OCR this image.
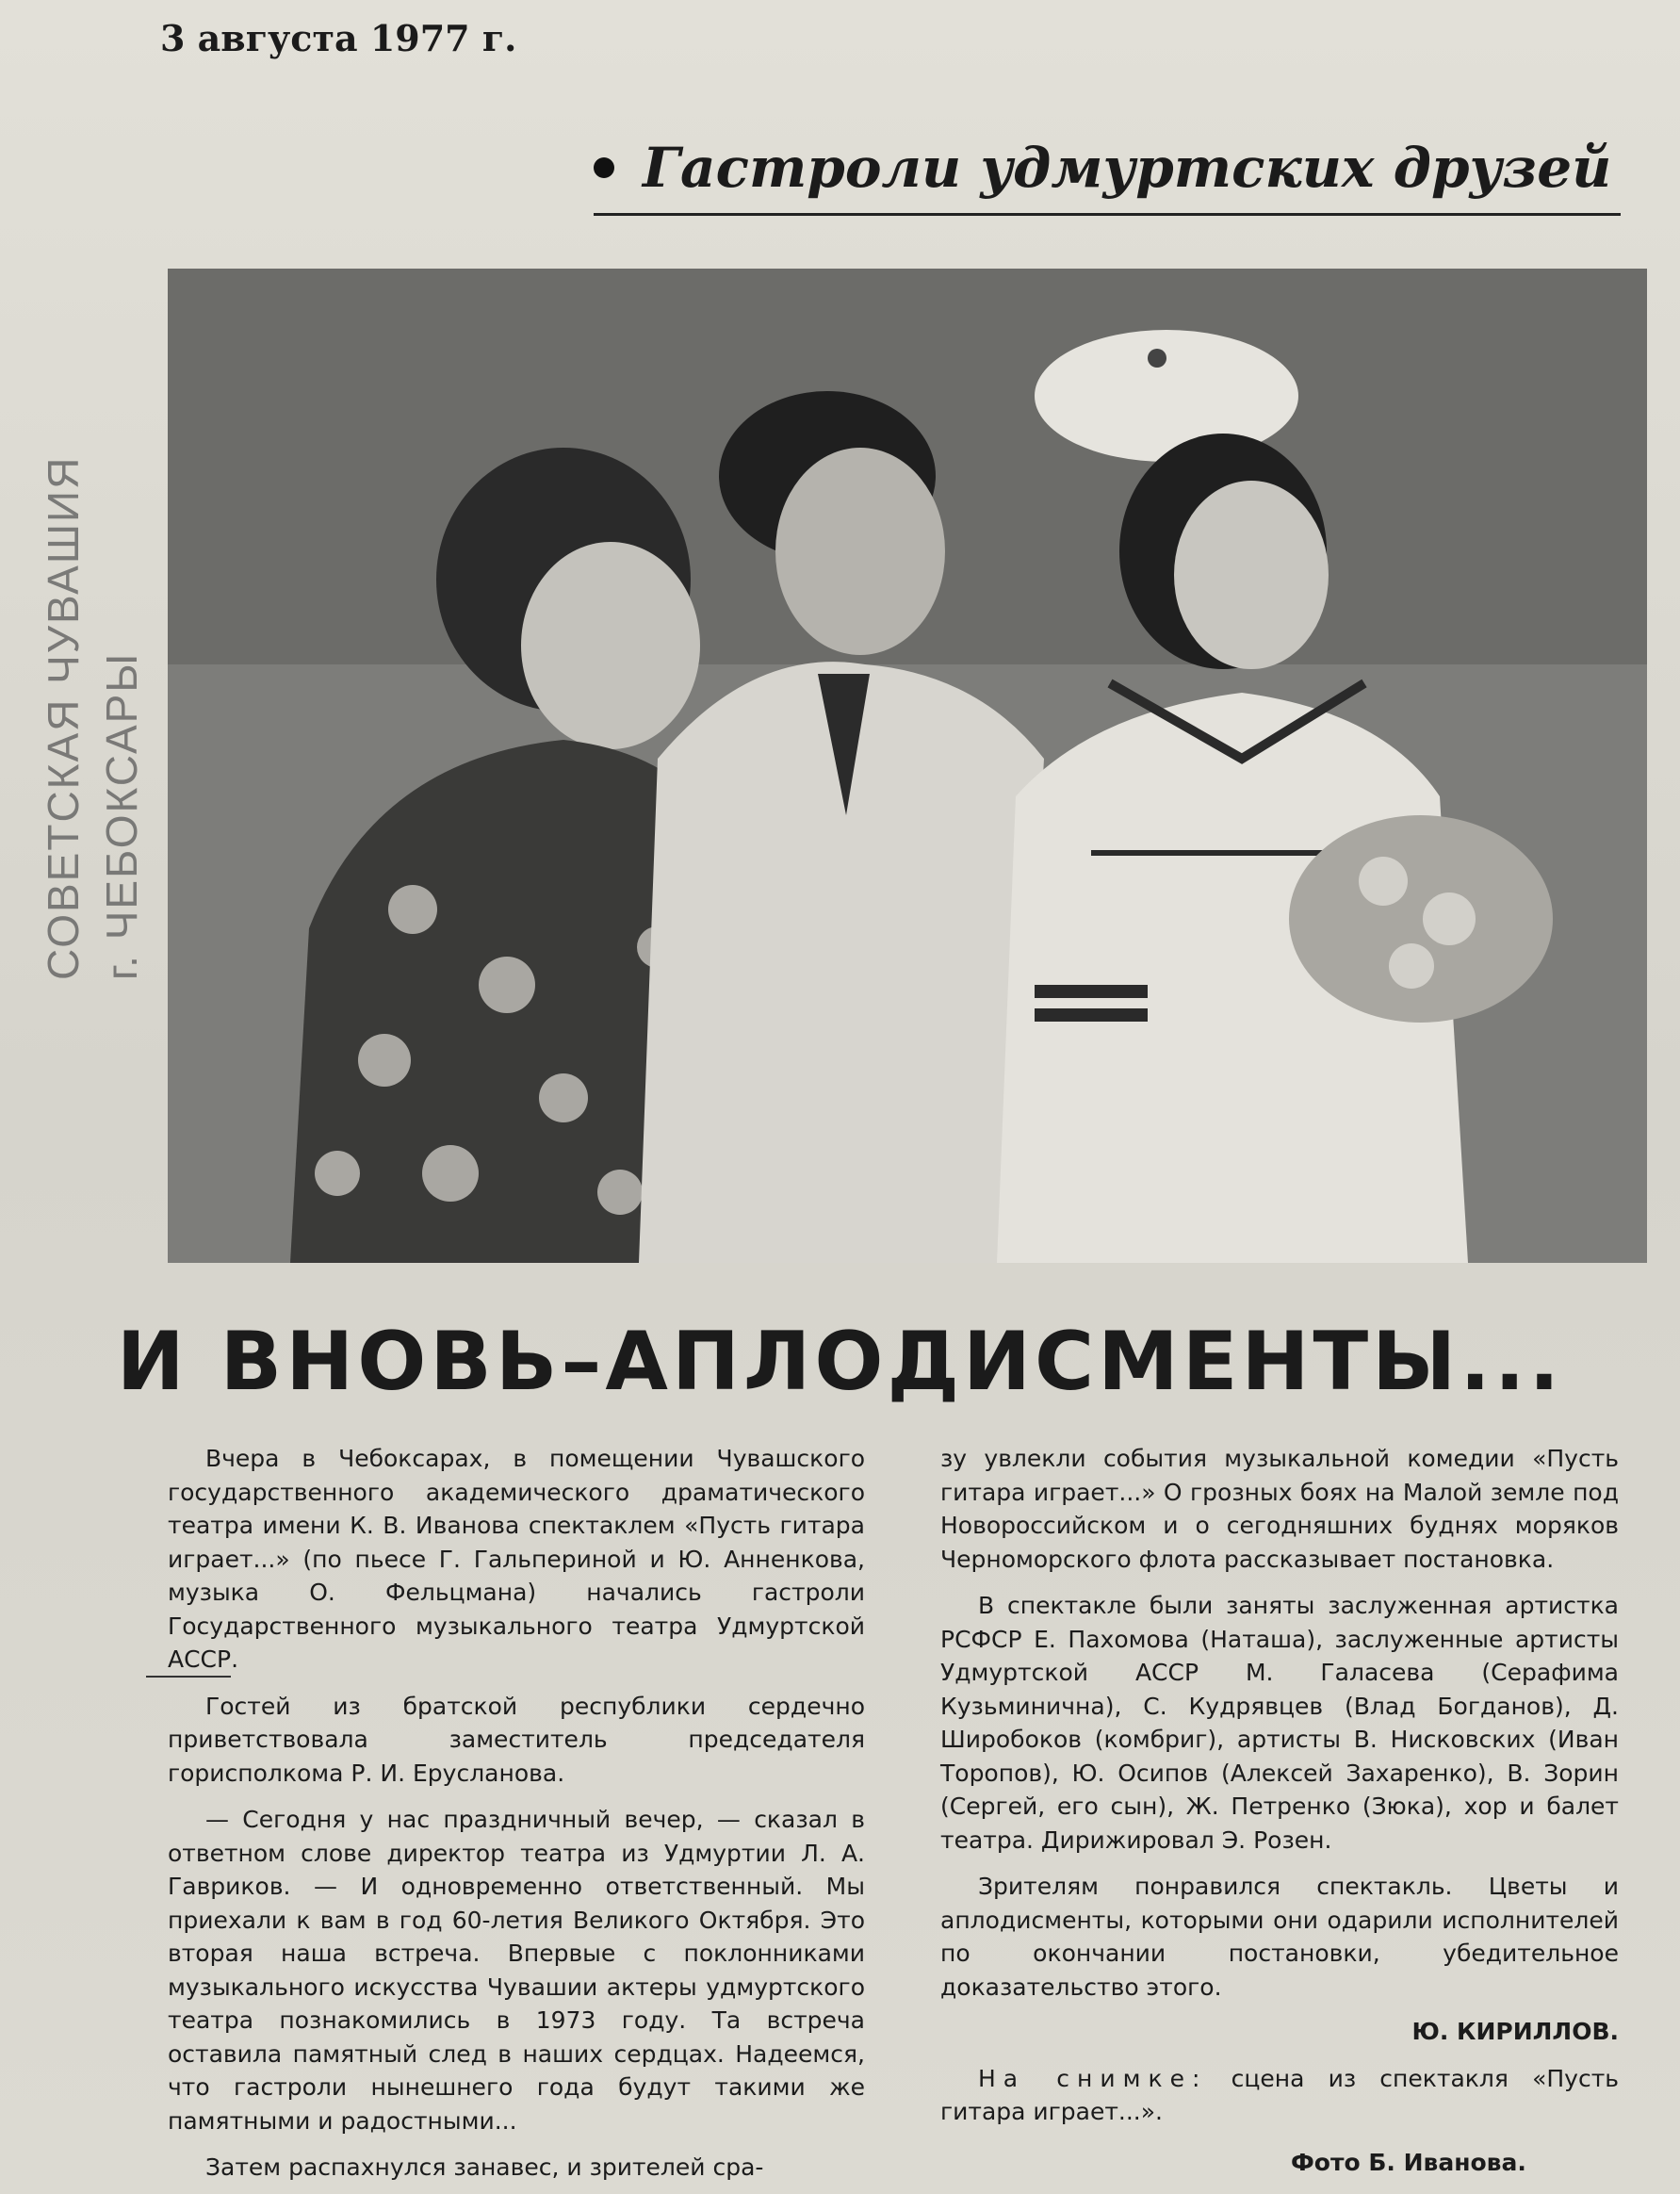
3 августа 1977 г.
СОВЕТСКАЯ ЧУВАШИЯ г. ЧЕБОКСАРЫ
Гастроли удмуртских друзей
И ВНОВЬ–АПЛОДИСМЕНТЫ...

Вчера в Чебоксарах, в помещении Чувашского государственного академического драматического театра имени К. В. Иванова спектаклем «Пусть гитара играет...» (по пьесе Г. Гальпериной и Ю. Анненкова, музыка О. Фельцмана) начались гастроли Государственного музыкального театра Удмуртской АССР.

Гостей из братской республики сердечно приветствовала заместитель председателя горисполкома Р. И. Еруcланова.

— Сегодня у нас праздничный вечер, — сказал в ответном слове директор театра из Удмуртии Л. А. Гавриков. — И одновременно ответственный. Мы приехали к вам в год 60-летия Великого Октября. Это вторая наша встреча. Впервые с поклонниками музыкального искусства Чувашии актеры удмуртского театра познакомились в 1973 году. Та встреча оставила памятный след в наших сердцах. Надеемся, что гастроли нынешнего года будут такими же памятными и радостными...

Затем распахнулся занавес, и зрителей сра-

зу увлекли события музыкальной комедии «Пусть гитара играет...» О грозных боях на Малой земле под Новороссийском и о сегодняшних буднях моряков Черноморского флота рассказывает постановка.

В спектакле были заняты заслуженная артистка РСФСР Е. Пахомова (Наташа), заслуженные артисты Удмуртской АССР М. Галасева (Серафима Кузьминична), С. Кудрявцев (Влад Богданов), Д. Широбоков (комбриг), артисты В. Нисковских (Иван Торопов), Ю. Осипов (Алексей Захаренко), В. Зорин (Сергей, его сын), Ж. Петренко (Зюка), хор и балет театра. Дирижировал Э. Розен.

Зрителям понравился спектакль. Цветы и аплодисменты, которыми они одарили исполнителей по окончании постановки, убедительное доказательство этого.

Ю. КИРИЛЛОВ.

На снимке: сцена из спектакля «Пусть гитара играет...».

Фото Б. Иванова.
